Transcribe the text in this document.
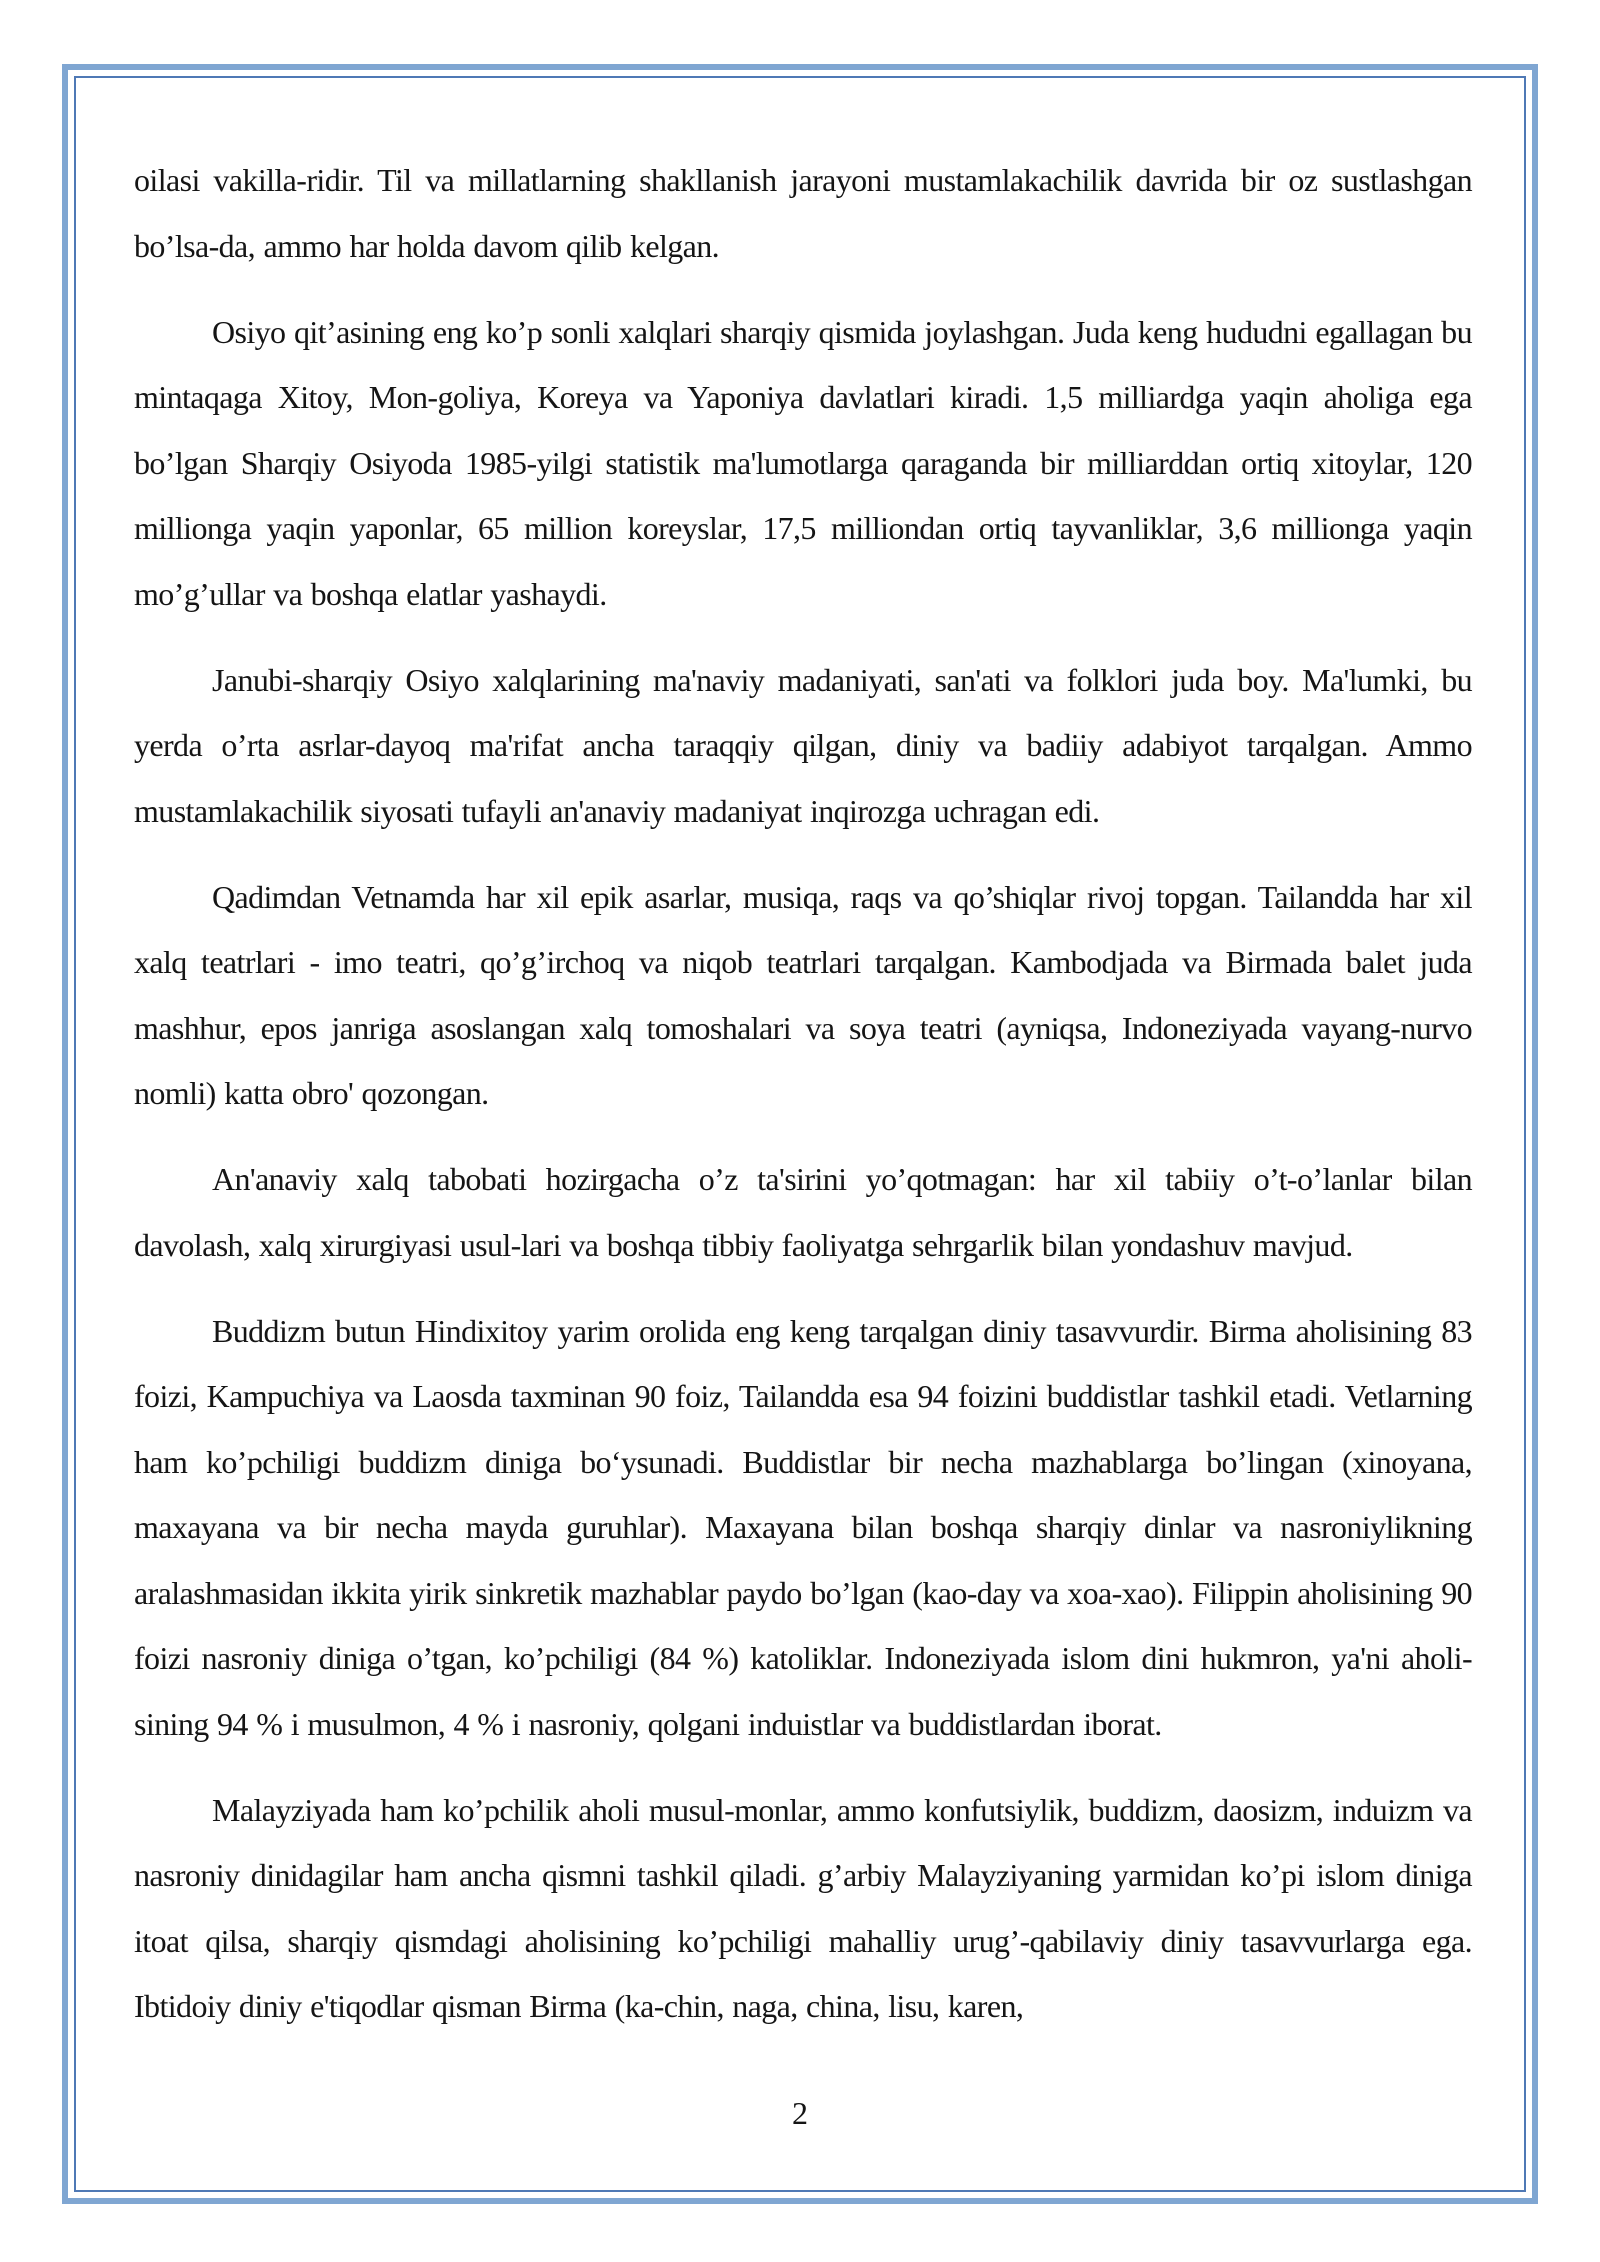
oilasi vakilla-ridir. Til va millatlarning shakllanish jarayoni mustamlakachilik davrida bir oz sustlashgan bo’lsa-da, ammo har holda davom qilib kelgan.

Osiyo qit’asining eng ko’p sonli xalqlari sharqiy qismida joylashgan. Juda keng hududni egallagan bu mintaqaga Xitoy, Mon-goliya, Koreya va Yaponiya davlatlari kiradi. 1,5 milliardga yaqin aholiga ega bo’lgan Sharqiy Osiyoda 1985-yilgi statistik ma'lumotlarga qaraganda bir milliarddan ortiq xitoylar, 120 millionga yaqin yaponlar, 65 million koreyslar, 17,5 milliondan ortiq tayvanliklar, 3,6 millionga yaqin mo’g’ullar va boshqa elatlar yashaydi.

Janubi-sharqiy Osiyo xalqlarining ma'naviy madaniyati, san'ati va folklori juda boy. Ma'lumki, bu yerda o’rta asrlar-dayoq ma'rifat ancha taraqqiy qilgan, diniy va badiiy adabiyot tarqalgan. Ammo mustamlakachilik siyosati tufayli an'anaviy madaniyat inqirozga uchragan edi.

Qadimdan Vetnamda har xil epik asarlar, musiqa, raqs va qo’shiqlar rivoj topgan. Tailandda har xil xalq teatrlari - imo teatri, qo’g’irchoq va niqob teatrlari tarqalgan. Kambodjada va Birmada balet juda mashhur, epos janriga asoslangan xalq tomoshalari va soya teatri (ayniqsa, Indoneziyada vayang-nurvo nomli) katta obro' qozongan.

An'anaviy xalq tabobati hozirgacha o’z ta'sirini yo’qotmagan: har xil tabiiy o’t-o’lanlar bilan davolash, xalq xirurgiyasi usul-lari va boshqa tibbiy faoliyatga sehrgarlik bilan yondashuv mavjud.

Buddizm butun Hindixitoy yarim orolida eng keng tarqalgan diniy tasavvurdir. Birma aholisining 83 foizi, Kampuchiya va Laosda taxminan 90 foiz, Tailandda esa 94 foizini buddistlar tashkil etadi. Vetlarning ham ko’pchiligi buddizm diniga bo‘ysunadi. Buddistlar bir necha mazhablarga bo’lingan (xinoyana, maxayana va bir necha mayda guruhlar). Maxayana bilan boshqa sharqiy dinlar va nasroniylikning aralashmasidan ikkita yirik sinkretik mazhablar paydo bo’lgan (kao-day va xoa-xao). Filippin aholisining 90 foizi nasroniy diniga o’tgan, ko’pchiligi (84 %) katoliklar. Indoneziyada islom dini hukmron, ya'ni aholi- sining 94 % i musulmon, 4 % i nasroniy, qolgani induistlar va buddistlardan iborat.

Malayziyada ham ko’pchilik aholi musul-monlar, ammo konfutsiylik, buddizm, daosizm, induizm va nasroniy dinidagilar ham ancha qismni tashkil qiladi. g’arbiy Malayziyaning yarmidan ko’pi islom diniga itoat qilsa, sharqiy qismdagi aholisining ko’pchiligi mahalliy urug’-qabilaviy diniy tasavvurlarga ega. Ibtidoiy diniy e'tiqodlar qisman Birma (ka-chin, naga, china, lisu, karen,

2
